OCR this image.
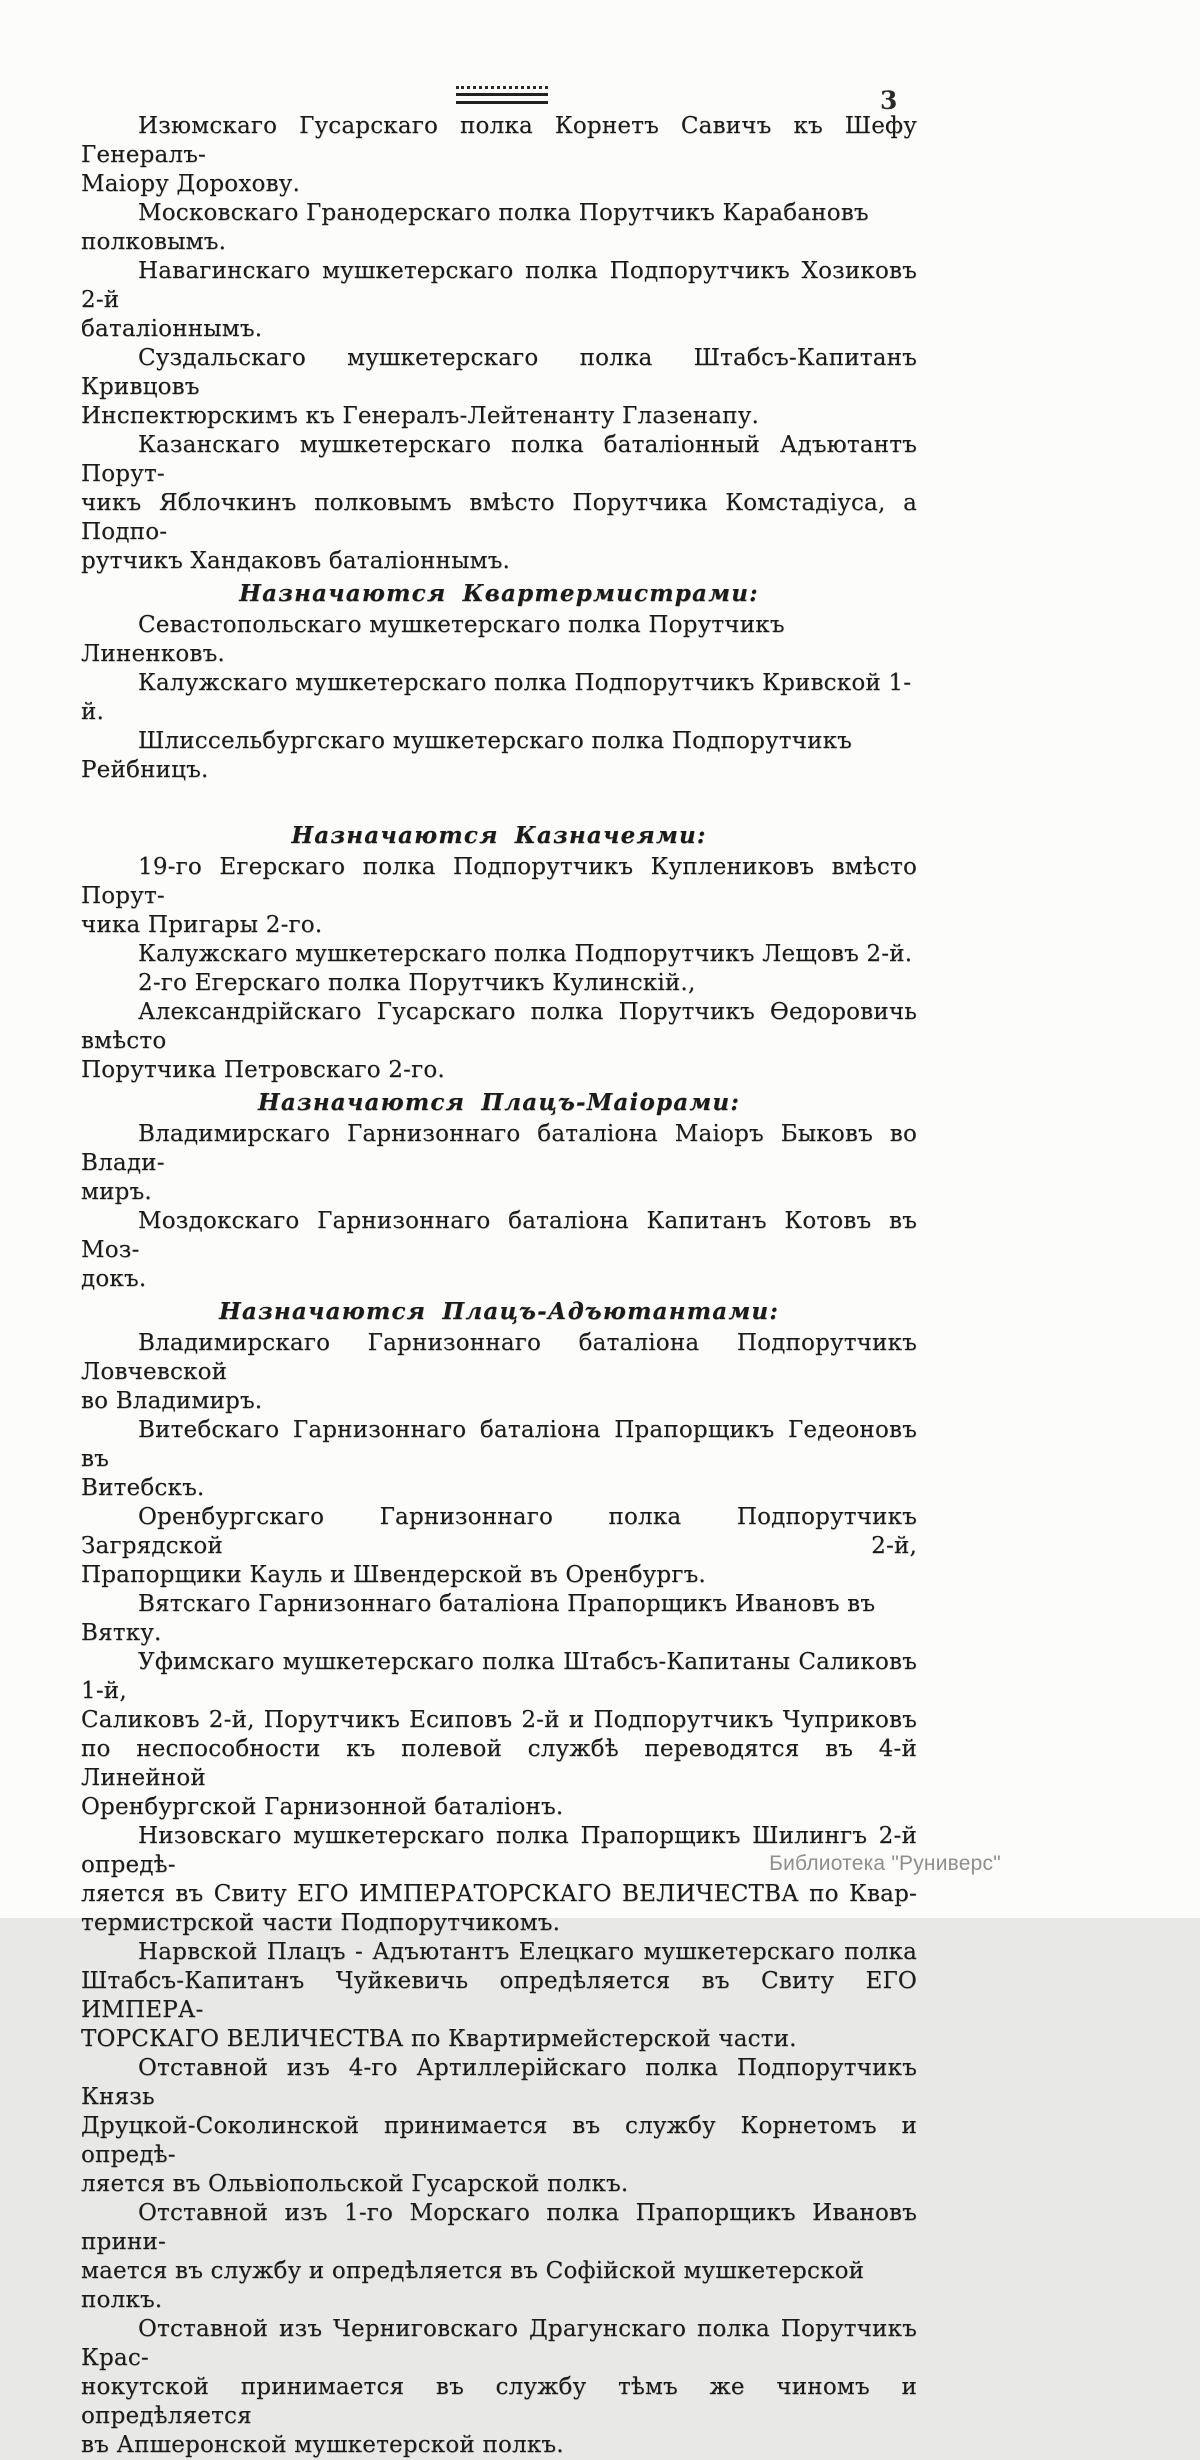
3
Изюмскаго Гусарскаго полка Корнетъ Савичъ къ Шефу Генералъ-
Маіору Дорохову.
Московскаго Гранодерскаго полка Порутчикъ Карабановъ полковымъ.
Навагинскаго мушкетерскаго полка Подпорутчикъ Хозиковъ 2-й
баталіоннымъ.
Суздальскаго мушкетерскаго полка Штабсъ-Капитанъ Кривцовъ
Инспектюрскимъ къ Генералъ-Лейтенанту Глазенапу.
Казанскаго мушкетерскаго полка баталіонный Адъютантъ Порут-
чикъ Яблочкинъ полковымъ вмѣсто Порутчика Комстадіуса, а Подпо-
рутчикъ Хандаковъ баталіоннымъ.
Назначаются Квартермистрами:
Севастопольскаго мушкетерскаго полка Порутчикъ Линенковъ.
Калужскаго мушкетерскаго полка Подпорутчикъ Кривской 1-й.
Шлиссельбургскаго мушкетерскаго полка Подпорутчикъ Рейбницъ.
Назначаются Казначеями:
19-го Егерскаго полка Подпорутчикъ Куплениковъ вмѣсто Порут-
чика Пригары 2-го.
Калужскаго мушкетерскаго полка Подпорутчикъ Лещовъ 2-й.
2-го Егерскаго полка Порутчикъ Кулинскій.,
Александрійскаго Гусарскаго полка Порутчикъ Ѳедоровичь вмѣсто
Порутчика Петровскаго 2-го.
Назначаются Плацъ-Маіорами:
Владимирскаго Гарнизоннаго баталіона Маіоръ Быковъ во Влади-
миръ.
Моздокскаго Гарнизоннаго баталіона Капитанъ Котовъ въ Моз-
докъ.
Назначаются Плацъ-Адъютантами:
Владимирскаго Гарнизоннаго баталіона Подпорутчикъ Ловчевской
во Владимиръ.
Витебскаго Гарнизоннаго баталіона Прапорщикъ Гедеоновъ въ
Витебскъ.
Оренбургскаго Гарнизоннаго полка Подпорутчикъ Загрядской 2-й,
Прапорщики Кауль и Швендерской въ Оренбургъ.
Вятскаго Гарнизоннаго баталіона Прапорщикъ Ивановъ въ Вятку.
Уфимскаго мушкетерскаго полка Штабсъ-Капитаны Саликовъ 1-й,
Саликовъ 2-й, Порутчикъ Есиповъ 2-й и Подпорутчикъ Чуприковъ
по неспособности къ полевой службѣ переводятся въ 4-й Линейной
Оренбургской Гарнизонной баталіонъ.
Низовскаго мушкетерскаго полка Прапорщикъ Шилингъ 2-й опредѣ-
ляется въ Свиту ЕГО ИМПЕРАТОРСКАГО ВЕЛИЧЕСТВА по Квар-
термистрской части Подпорутчикомъ.
Нарвской Плацъ - Адъютантъ Елецкаго мушкетерскаго полка
Штабсъ-Капитанъ Чуйкевичь опредѣляется въ Свиту ЕГО ИМПЕРА-
ТОРСКАГО ВЕЛИЧЕСТВА по Квартирмейстерской части.
Отставной изъ 4-го Артиллерійскаго полка Подпорутчикъ Князь
Друцкой-Соколинской принимается въ службу Корнетомъ и опредѣ-
ляется въ Ольвіопольской Гусарской полкъ.
Отставной изъ 1-го Морскаго полка Прапорщикъ Ивановъ прини-
мается въ службу и опредѣляется въ Софійской мушкетерской полкъ.
Отставной изъ Черниговскаго Драгунскаго полка Порутчикъ Крас-
нокутской принимается въ службу тѣмъ же чиномъ и опредѣляется
въ Апшеронской мушкетерской полкъ.
Библиотека "Руниверс"
